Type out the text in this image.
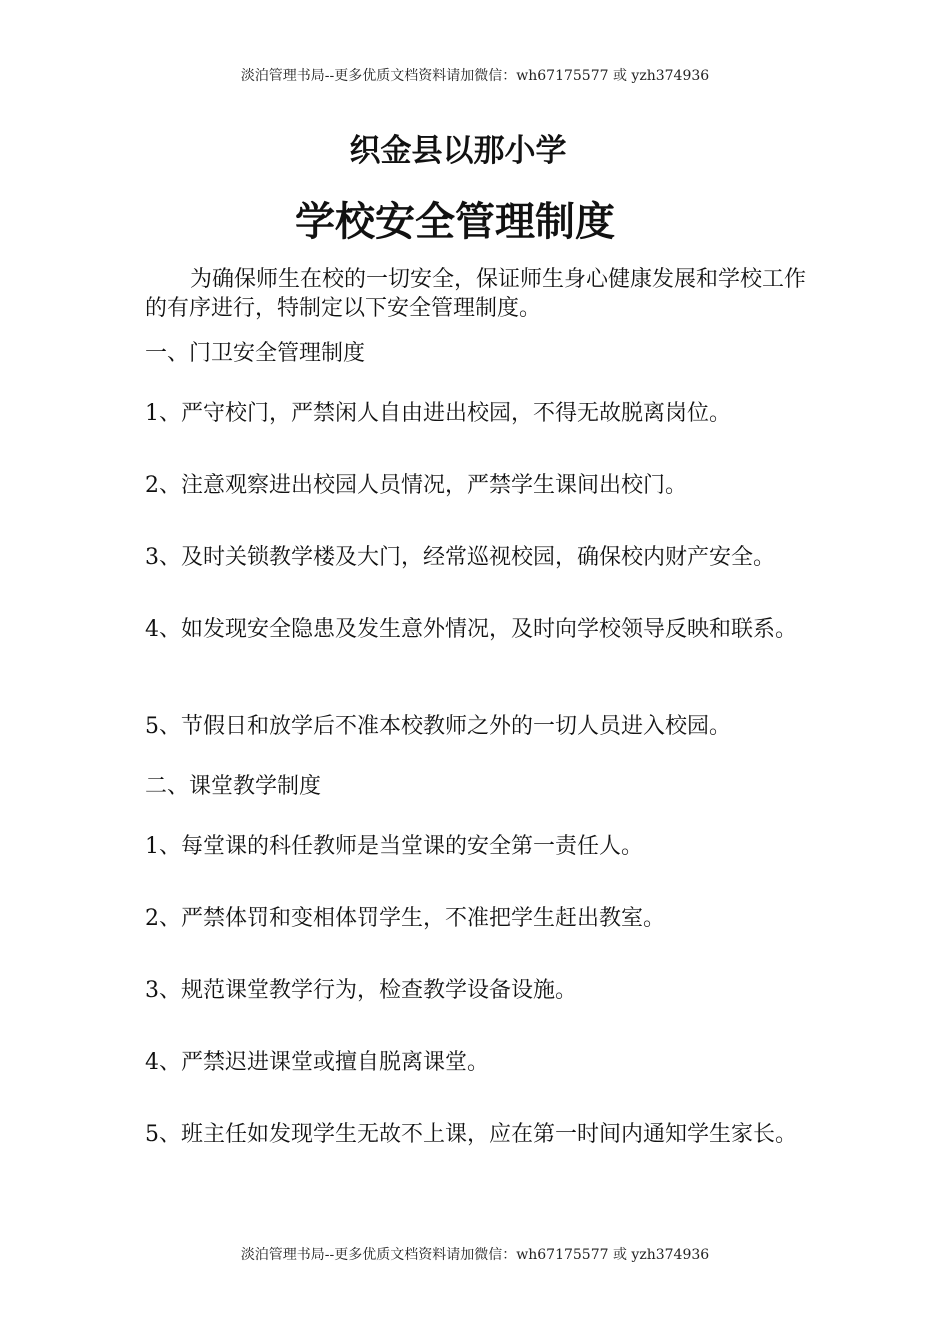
淡泊管理书局--更多优质文档资料请加微信：wh67175577 或 yzh374936
织金县以那小学
学校安全管理制度

为确保师生在校的一切安全，保证师生身心健康发展和学校工作的有序进行，特制定以下安全管理制度。

一、门卫安全管理制度

1、严守校门，严禁闲人自由进出校园，不得无故脱离岗位。

2、注意观察进出校园人员情况，严禁学生课间出校门。

3、及时关锁教学楼及大门，经常巡视校园，确保校内财产安全。

4、如发现安全隐患及发生意外情况，及时向学校领导反映和联系。

5、节假日和放学后不准本校教师之外的一切人员进入校园。

二、课堂教学制度

1、每堂课的科任教师是当堂课的安全第一责任人。

2、严禁体罚和变相体罚学生，不准把学生赶出教室。

3、规范课堂教学行为，检查教学设备设施。

4、严禁迟进课堂或擅自脱离课堂。

5、班主任如发现学生无故不上课，应在第一时间内通知学生家长。

淡泊管理书局--更多优质文档资料请加微信：wh67175577 或 yzh374936
